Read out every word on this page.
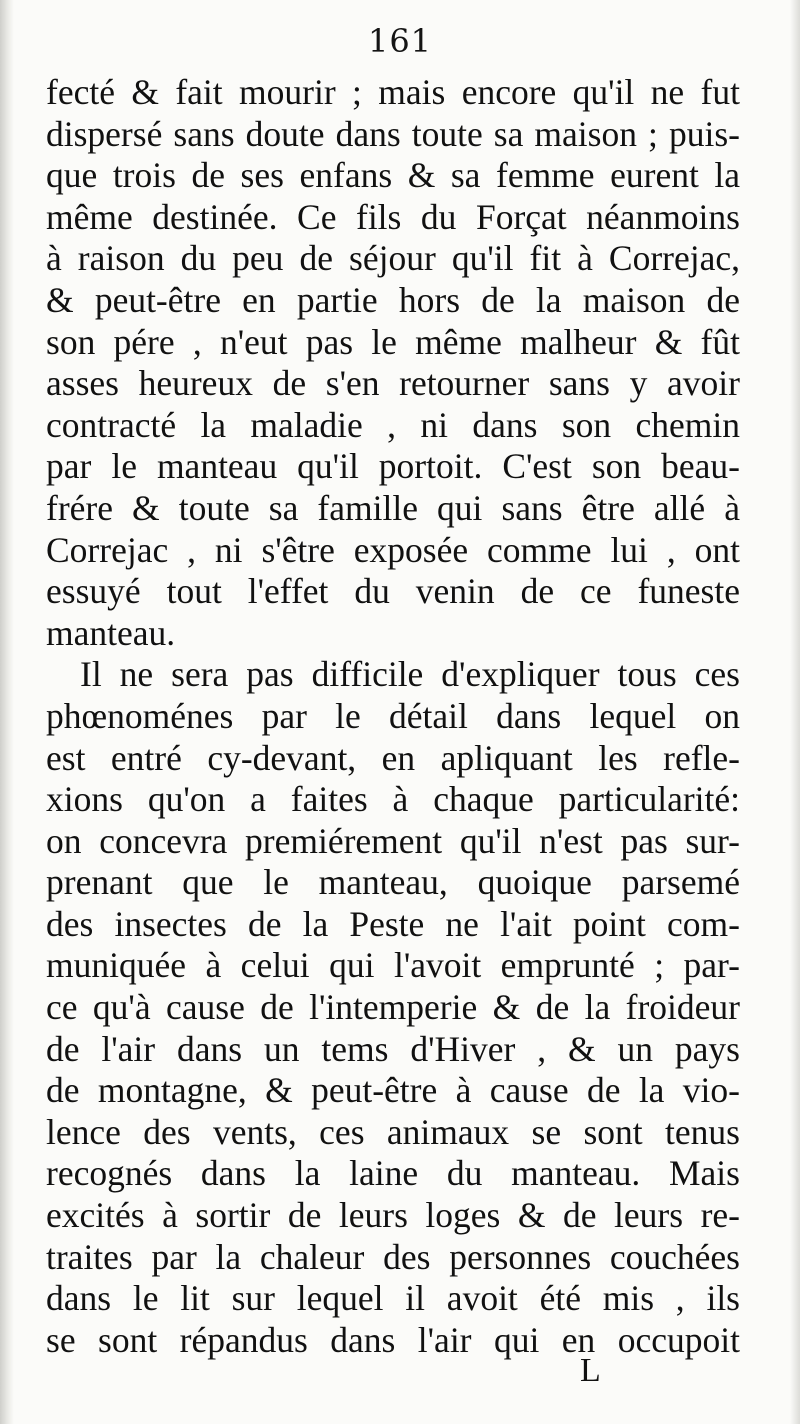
161

fecté & fait mourir ; mais encore qu'il ne fut
dispersé sans doute dans toute sa maison ; puis-
que trois de ses enfans & sa femme eurent la
même destinée. Ce fils du Forçat néanmoins
à raison du peu de séjour qu'il fit à Correjac,
& peut-être en partie hors de la maison de
son pére , n'eut pas le même malheur & fût
asses heureux de s'en retourner sans y avoir
contracté la maladie , ni dans son chemin
par le manteau qu'il portoit. C'est son beau-
frére & toute sa famille qui sans être allé à
Correjac , ni s'être exposée comme lui , ont
essuyé tout l'effet du venin de ce funeste
manteau.
Il ne sera pas difficile d'expliquer tous ces
phœnoménes par le détail dans lequel on
est entré cy-devant, en apliquant les refle-
xions qu'on a faites à chaque particularité:
on concevra premiérement qu'il n'est pas sur-
prenant que le manteau, quoique parsemé
des insectes de la Peste ne l'ait point com-
muniquée à celui qui l'avoit emprunté ; par-
ce qu'à cause de l'intemperie & de la froideur
de l'air dans un tems d'Hiver , & un pays
de montagne, & peut-être à cause de la vio-
lence des vents, ces animaux se sont tenus
recognés dans la laine du manteau. Mais
excités à sortir de leurs loges & de leurs re-
traites par la chaleur des personnes couchées
dans le lit sur lequel il avoit été mis , ils
se sont répandus dans l'air qui en occupoit

L
